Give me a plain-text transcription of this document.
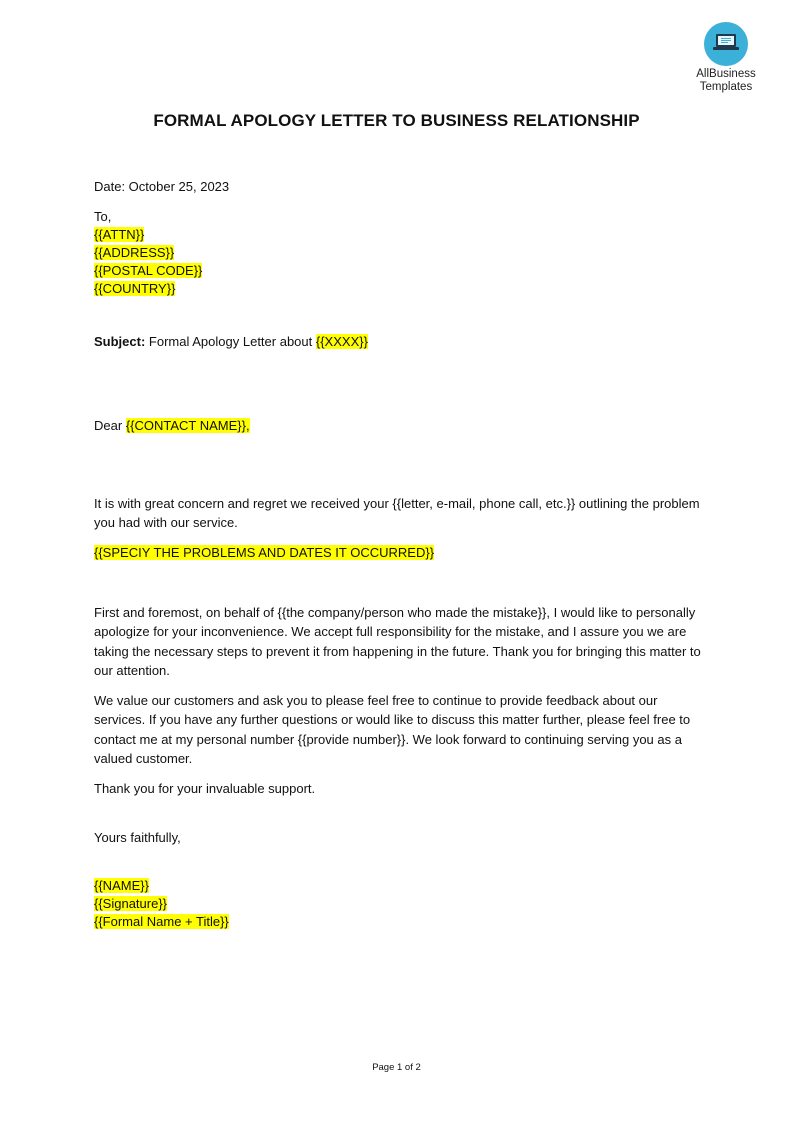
AllBusiness
Templates
FORMAL APOLOGY LETTER TO BUSINESS RELATIONSHIP

Date: October 25, 2023

To,

{{ATTN}}

{{ADDRESS}}

{{POSTAL CODE}}

{{COUNTRY}}

Subject: Formal Apology Letter about {{XXXX}}

Dear {{CONTACT NAME}},

It is with great concern and regret we received your {{letter, e-mail, phone call, etc.}} outlining the problem you had with our service.

{{SPECIY THE PROBLEMS AND DATES IT OCCURRED}}

First and foremost, on behalf of {{the company/person who made the mistake}}, I would like to personally apologize for your inconvenience. We accept full responsibility for the mistake, and I assure you we are taking the necessary steps to prevent it from happening in the future. Thank you for bringing this matter to our attention.

We value our customers and ask you to please feel free to continue to provide feedback about our services. If you have any further questions or would like to discuss this matter further, please feel free to contact me at my personal number {{provide number}}. We look forward to continuing serving you as a valued customer.

Thank you for your invaluable support.

Yours faithfully,

{{NAME}}

{{Signature}}

{{Formal Name + Title}}

Page 1 of 2
